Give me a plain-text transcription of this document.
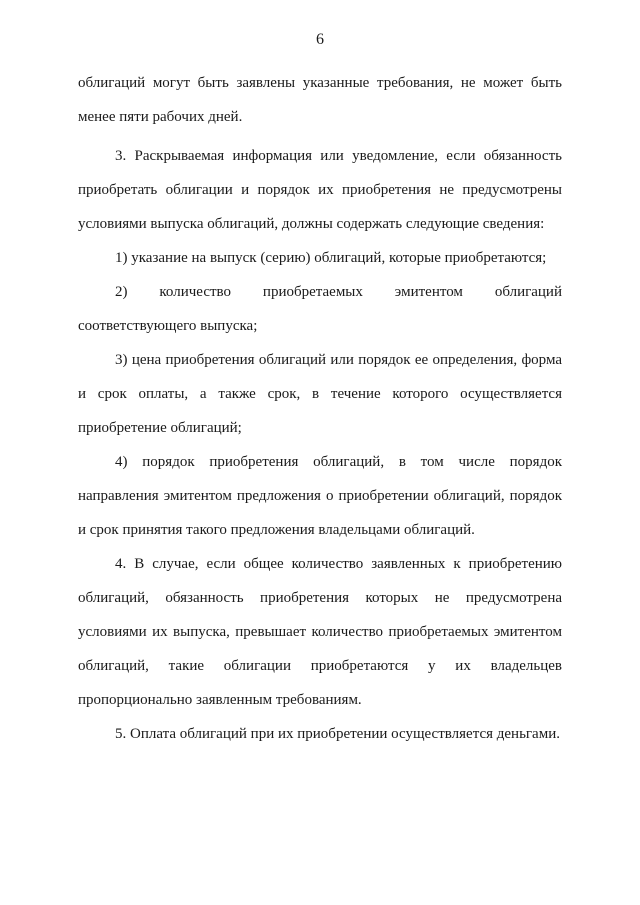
6

облигаций могут быть заявлены указанные требования, не может быть менее пяти рабочих дней.

3. Раскрываемая информация или уведомление, если обязанность приобретать облигации и порядок их приобретения не предусмотрены условиями выпуска облигаций, должны содержать следующие сведения:

1) указание на выпуск (серию) облигаций, которые приобретаются;

2) количество приобретаемых эмитентом облигаций соответствующего выпуска;

3) цена приобретения облигаций или порядок ее определения, форма и срок оплаты, а также срок, в течение которого осуществляется приобретение облигаций;

4) порядок приобретения облигаций, в том числе порядок направления эмитентом предложения о приобретении облигаций, порядок и срок принятия такого предложения владельцами облигаций.

4. В случае, если общее количество заявленных к приобретению облигаций, обязанность приобретения которых не предусмотрена условиями их выпуска, превышает количество приобретаемых эмитентом облигаций, такие облигации приобретаются у их владельцев пропорционально заявленным требованиям.

5. Оплата облигаций при их приобретении осуществляется деньгами.
